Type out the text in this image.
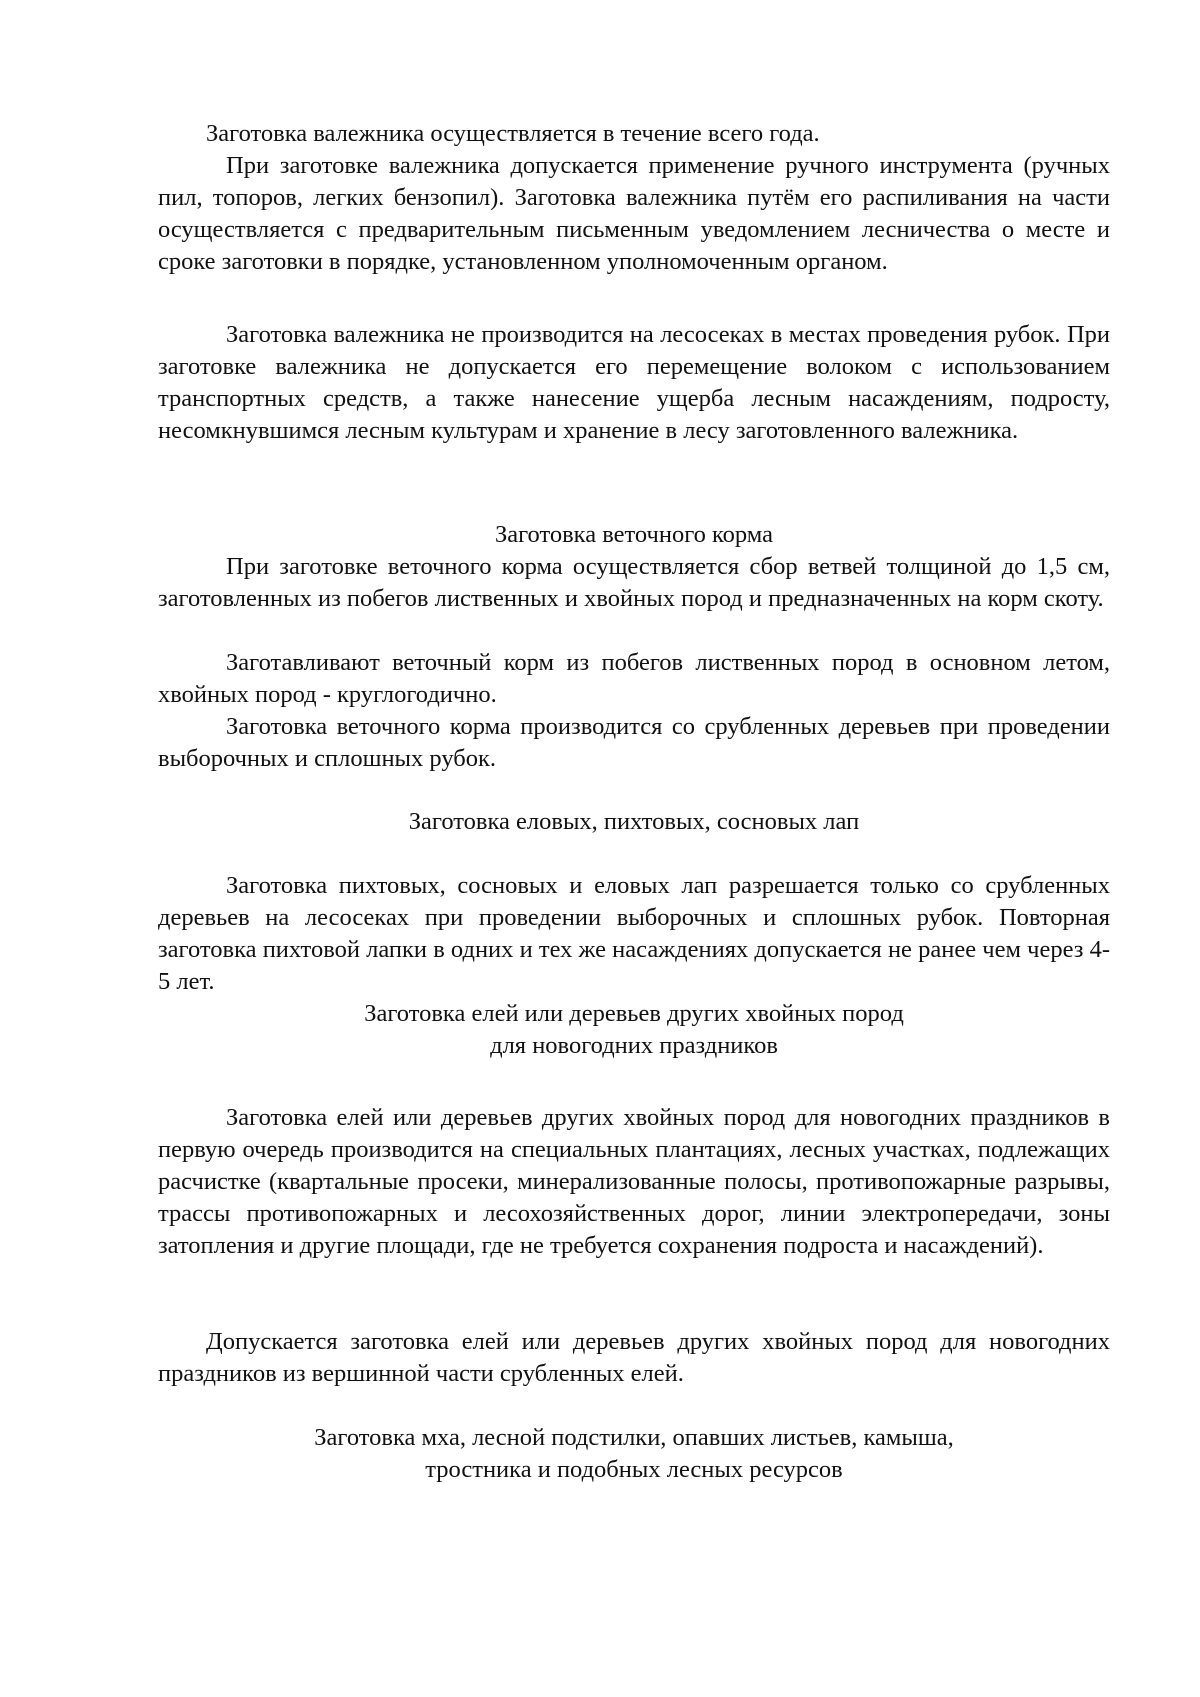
Заготовка валежника осуществляется в течение всего года.

При заготовке валежника допускается применение ручного инструмента (ручных пил, топоров, легких бензопил). Заготовка валежника путём его распиливания на части осуществляется с предварительным письменным уведомлением лесничества о месте и сроке заготовки в порядке, установленном уполномоченным органом.

Заготовка валежника не производится на лесосеках в местах проведения рубок. При заготовке валежника не допускается его перемещение волоком с использованием транспортных средств, а также нанесение ущерба лесным насаждениям, подросту, несомкнувшимся лесным культурам и хранение в лесу заготовленного валежника.

Заготовка веточного корма

При заготовке веточного корма осуществляется сбор ветвей толщиной до 1,5 см, заготовленных из побегов лиственных и хвойных пород и предназначенных на корм скоту.

Заготавливают веточный корм из побегов лиственных пород в основном летом, хвойных пород - круглогодично.

Заготовка веточного корма производится со срубленных деревьев при проведении выборочных и сплошных рубок.

Заготовка еловых, пихтовых, сосновых лап

Заготовка пихтовых, сосновых и еловых лап разрешается только со срубленных деревьев на лесосеках при проведении выборочных и сплошных рубок. Повторная заготовка пихтовой лапки в одних и тех же насаждениях допускается не ранее чем через 4-5 лет.

Заготовка елей или деревьев других хвойных пород
для новогодних праздников

Заготовка елей или деревьев других хвойных пород для новогодних праздников в первую очередь производится на специальных плантациях, лесных участках, подлежащих расчистке (квартальные просеки, минерализованные полосы, противопожарные разрывы, трассы противопожарных и лесохозяйственных дорог, линии электропередачи, зоны затопления и другие площади, где не требуется сохранения подроста и насаждений).

Допускается заготовка елей или деревьев других хвойных пород для новогодних праздников из вершинной части срубленных елей.

Заготовка мха, лесной подстилки, опавших листьев, камыша,
тростника и подобных лесных ресурсов
